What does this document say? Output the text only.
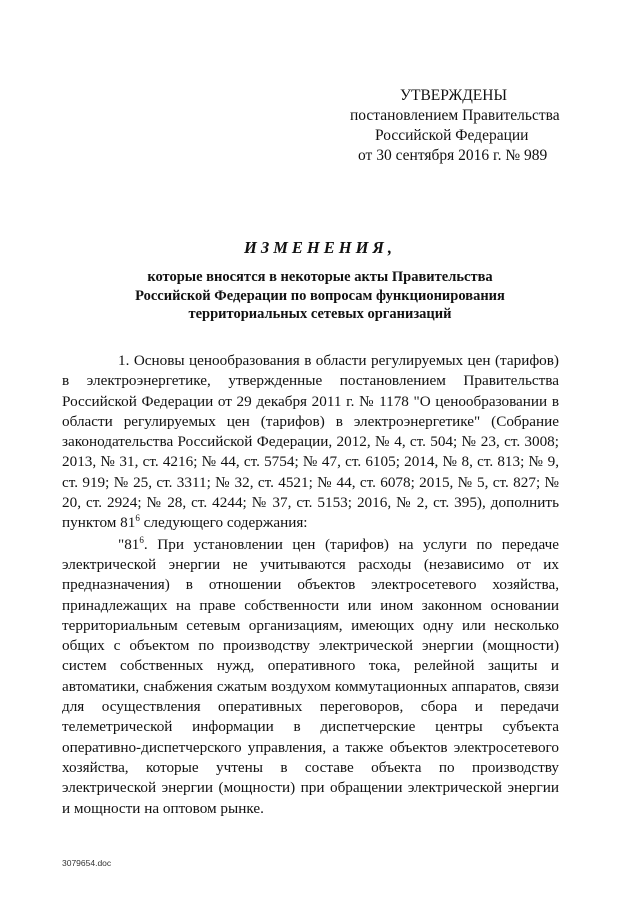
УТВЕРЖДЕНЫ
постановлением Правительства
Российской Федерации
от 30 сентября 2016 г. № 989
ИЗМЕНЕНИЯ,
которые вносятся в некоторые акты Правительства
Российской Федерации по вопросам функционирования
территориальных сетевых организаций

1. Основы ценообразования в области регулируемых цен (тарифов) в электроэнергетике, утвержденные постановлением Правительства Российской Федерации от 29 декабря 2011 г. № 1178 "О ценообразовании в области регулируемых цен (тарифов) в электроэнергетике" (Собрание законодательства Российской Федерации, 2012, № 4, ст. 504; № 23, ст. 3008; 2013, № 31, ст. 4216; № 44, ст. 5754; № 47, ст. 6105; 2014, № 8, ст. 813; № 9, ст. 919; № 25, ст. 3311; № 32, ст. 4521; № 44, ст. 6078; 2015, № 5, ст. 827; № 20, ст. 2924; № 28, ст. 4244; № 37, ст. 5153; 2016, № 2, ст. 395), дополнить пунктом $81^6$ следующего содержания:

"$81^6$. При установлении цен (тарифов) на услуги по передаче электрической энергии не учитываются расходы (независимо от их предназначения) в отношении объектов электросетевого хозяйства, принадлежащих на праве собственности или ином законном основании территориальным сетевым организациям, имеющих одну или несколько общих с объектом по производству электрической энергии (мощности) систем собственных нужд, оперативного тока, релейной защиты и автоматики, снабжения сжатым воздухом коммутационных аппаратов, связи для осуществления оперативных переговоров, сбора и передачи телеметрической информации в диспетчерские центры субъекта оперативно-диспетчерского управления, а также объектов электросетевого хозяйства, которые учтены в составе объекта по производству электрической энергии (мощности) при обращении электрической энергии и мощности на оптовом рынке.

3079654.doc
